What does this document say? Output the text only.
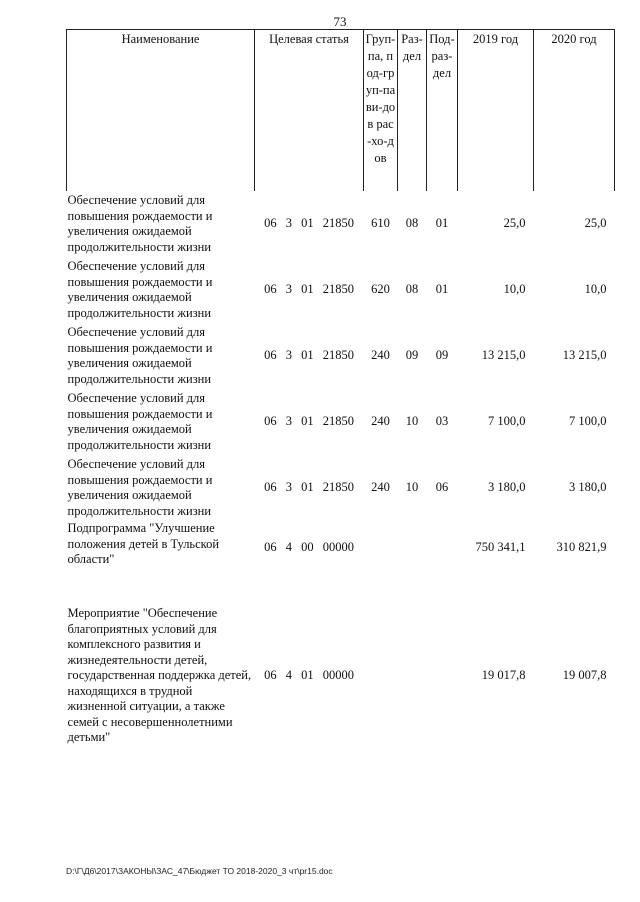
73
Наименование	Целевая статья	Груп-па, под-груп-па ви-дов рас-хо-дов	Раз-дел	Под-раз-дел	2019 год	2020 год
Обеспечение условий для повышения рождаемости и увеличения ожидаемой продолжительности жизни	06 3 01 21850	610	08	01	25,0	25,0
Обеспечение условий для повышения рождаемости и увеличения ожидаемой продолжительности жизни	06 3 01 21850	620	08	01	10,0	10,0
Обеспечение условий для повышения рождаемости и увеличения ожидаемой продолжительности жизни	06 3 01 21850	240	09	09	13 215,0	13 215,0
Обеспечение условий для повышения рождаемости и увеличения ожидаемой продолжительности жизни	06 3 01 21850	240	10	03	7 100,0	7 100,0
Обеспечение условий для повышения рождаемости и увеличения ожидаемой продолжительности жизни	06 3 01 21850	240	10	06	3 180,0	3 180,0
Подпрограмма "Улучшение положения детей в Тульской области"	06 4 00 00000				750 341,1	310 821,9
Мероприятие "Обеспечение благоприятных условий для комплексного развития и жизнедеятельности детей, государственная поддержка детей, находящихся в трудной жизненной ситуации, а также семей с несовершеннолетними детьми"	06 4 01 00000				19 017,8	19 007,8
D:\Г\Д6\2017\ЗАКОНЫ\ЗАС_47\Бюджет ТО 2018-2020_3 чт\pr15.doc
